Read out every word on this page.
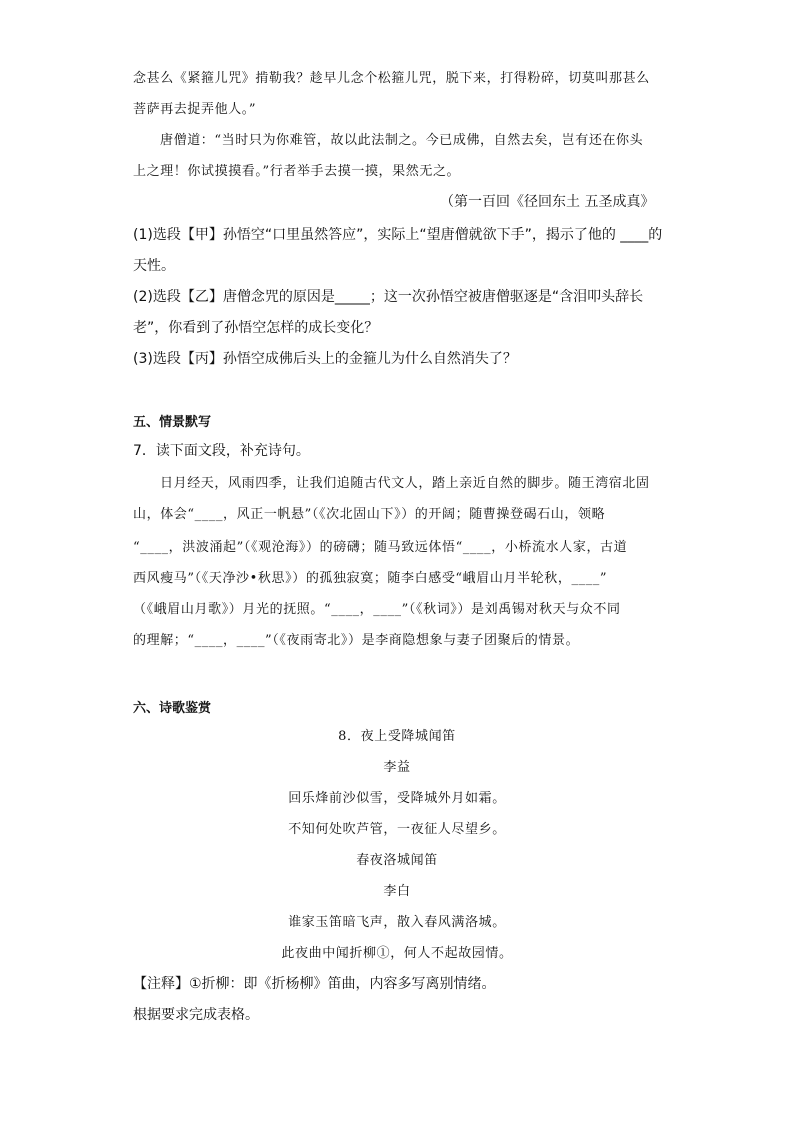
念甚么《紧箍儿咒》掯勒我？趁早儿念个松箍儿咒，脱下来，打得粉碎，切莫叫那甚么
菩萨再去捉弄他人。”
唐僧道：“当时只为你难管，故以此法制之。今已成佛，自然去矣，岂有还在你头
上之理！你试摸摸看。”行者举手去摸一摸，果然无之。
（第一百回《径回东土 五圣成真》
(1)选段【甲】孙悟空“口里虽然答应”，实际上“望唐僧就欲下手”，揭示了他的 ____的
天性。
(2)选段【乙】唐僧念咒的原因是_____；这一次孙悟空被唐僧驱逐是“含泪叩头辞长
老”，你看到了孙悟空怎样的成长变化？
(3)选段【丙】孙悟空成佛后头上的金箍儿为什么自然消失了？
五、情景默写
7．读下面文段，补充诗句。
日月经天，风雨四季，让我们追随古代文人，踏上亲近自然的脚步。随王湾宿北固
山，体会“____，风正一帆悬”（《次北固山下》）的开阔；随曹操登碣石山，领略
“____，洪波涌起”（《观沧海》）的磅礴；随马致远体悟“____，小桥流水人家，古道
西风瘦马”（《天净沙•秋思》）的孤独寂寞；随李白感受“峨眉山月半轮秋，____”
（《峨眉山月歌》）月光的抚照。“____，____”（《秋词》）是刘禹锡对秋天与众不同
的理解；“____，____”（《夜雨寄北》）是李商隐想象与妻子团聚后的情景。
六、诗歌鉴赏
8．夜上受降城闻笛
李益
回乐烽前沙似雪，受降城外月如霜。
不知何处吹芦管，一夜征人尽望乡。
春夜洛城闻笛
李白
谁家玉笛暗飞声，散入春风满洛城。
此夜曲中闻折柳①，何人不起故园情。
【注释】①折柳：即《折杨柳》笛曲，内容多写离别情绪。
根据要求完成表格。
